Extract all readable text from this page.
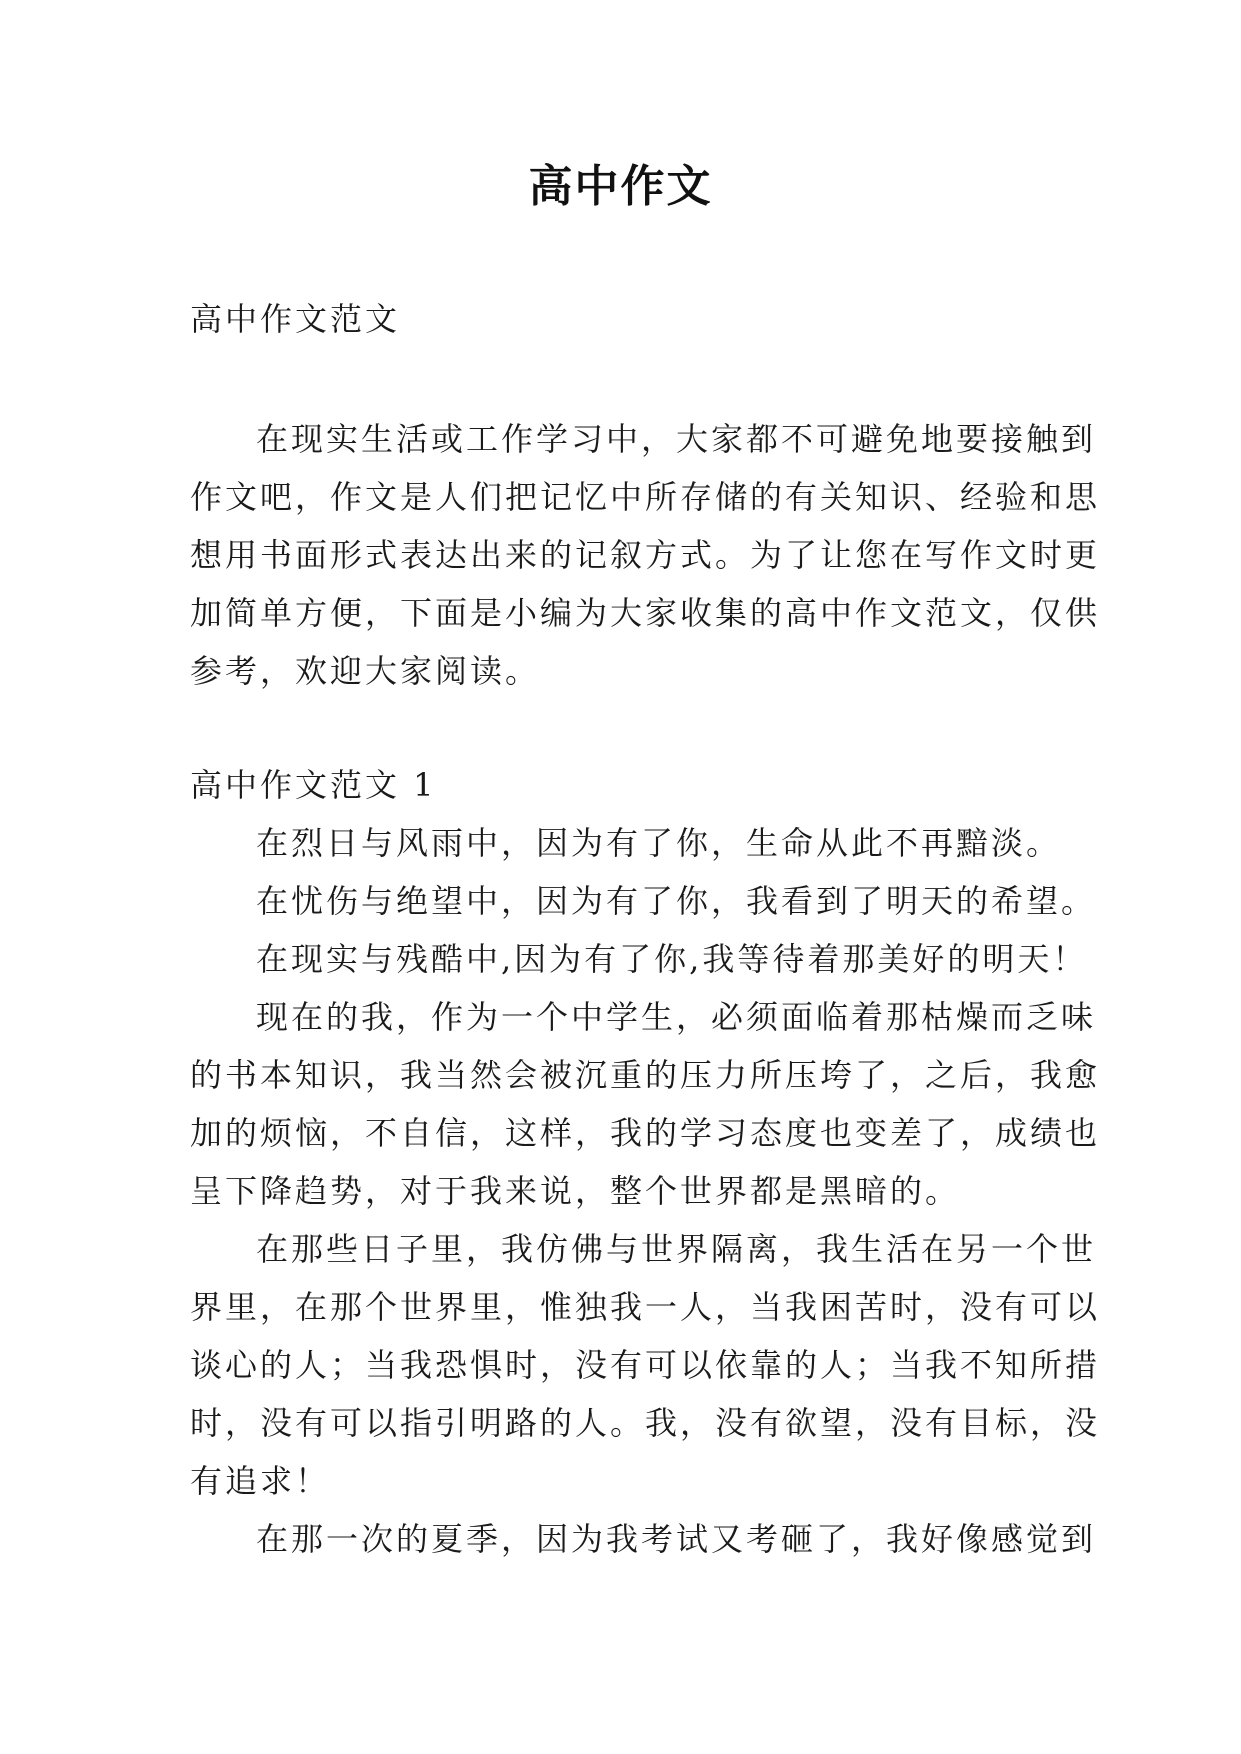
高中作文

高中作文范文

在现实生活或工作学习中，大家都不可避免地要接触到

作文吧，作文是人们把记忆中所存储的有关知识、经验和思

想用书面形式表达出来的记叙方式。为了让您在写作文时更

加简单方便，下面是小编为大家收集的高中作文范文，仅供

参考，欢迎大家阅读。

高中作文范文 1

在烈日与风雨中，因为有了你，生命从此不再黯淡。

在忧伤与绝望中，因为有了你，我看到了明天的希望。

在现实与残酷中,因为有了你,我等待着那美好的明天！

现在的我，作为一个中学生，必须面临着那枯燥而乏味

的书本知识，我当然会被沉重的压力所压垮了，之后，我愈

加的烦恼，不自信，这样，我的学习态度也变差了，成绩也

呈下降趋势，对于我来说，整个世界都是黑暗的。

在那些日子里，我仿佛与世界隔离，我生活在另一个世

界里，在那个世界里，惟独我一人，当我困苦时，没有可以

谈心的人；当我恐惧时，没有可以依靠的人；当我不知所措

时，没有可以指引明路的人。我，没有欲望，没有目标，没

有追求！

在那一次的夏季，因为我考试又考砸了，我好像感觉到
